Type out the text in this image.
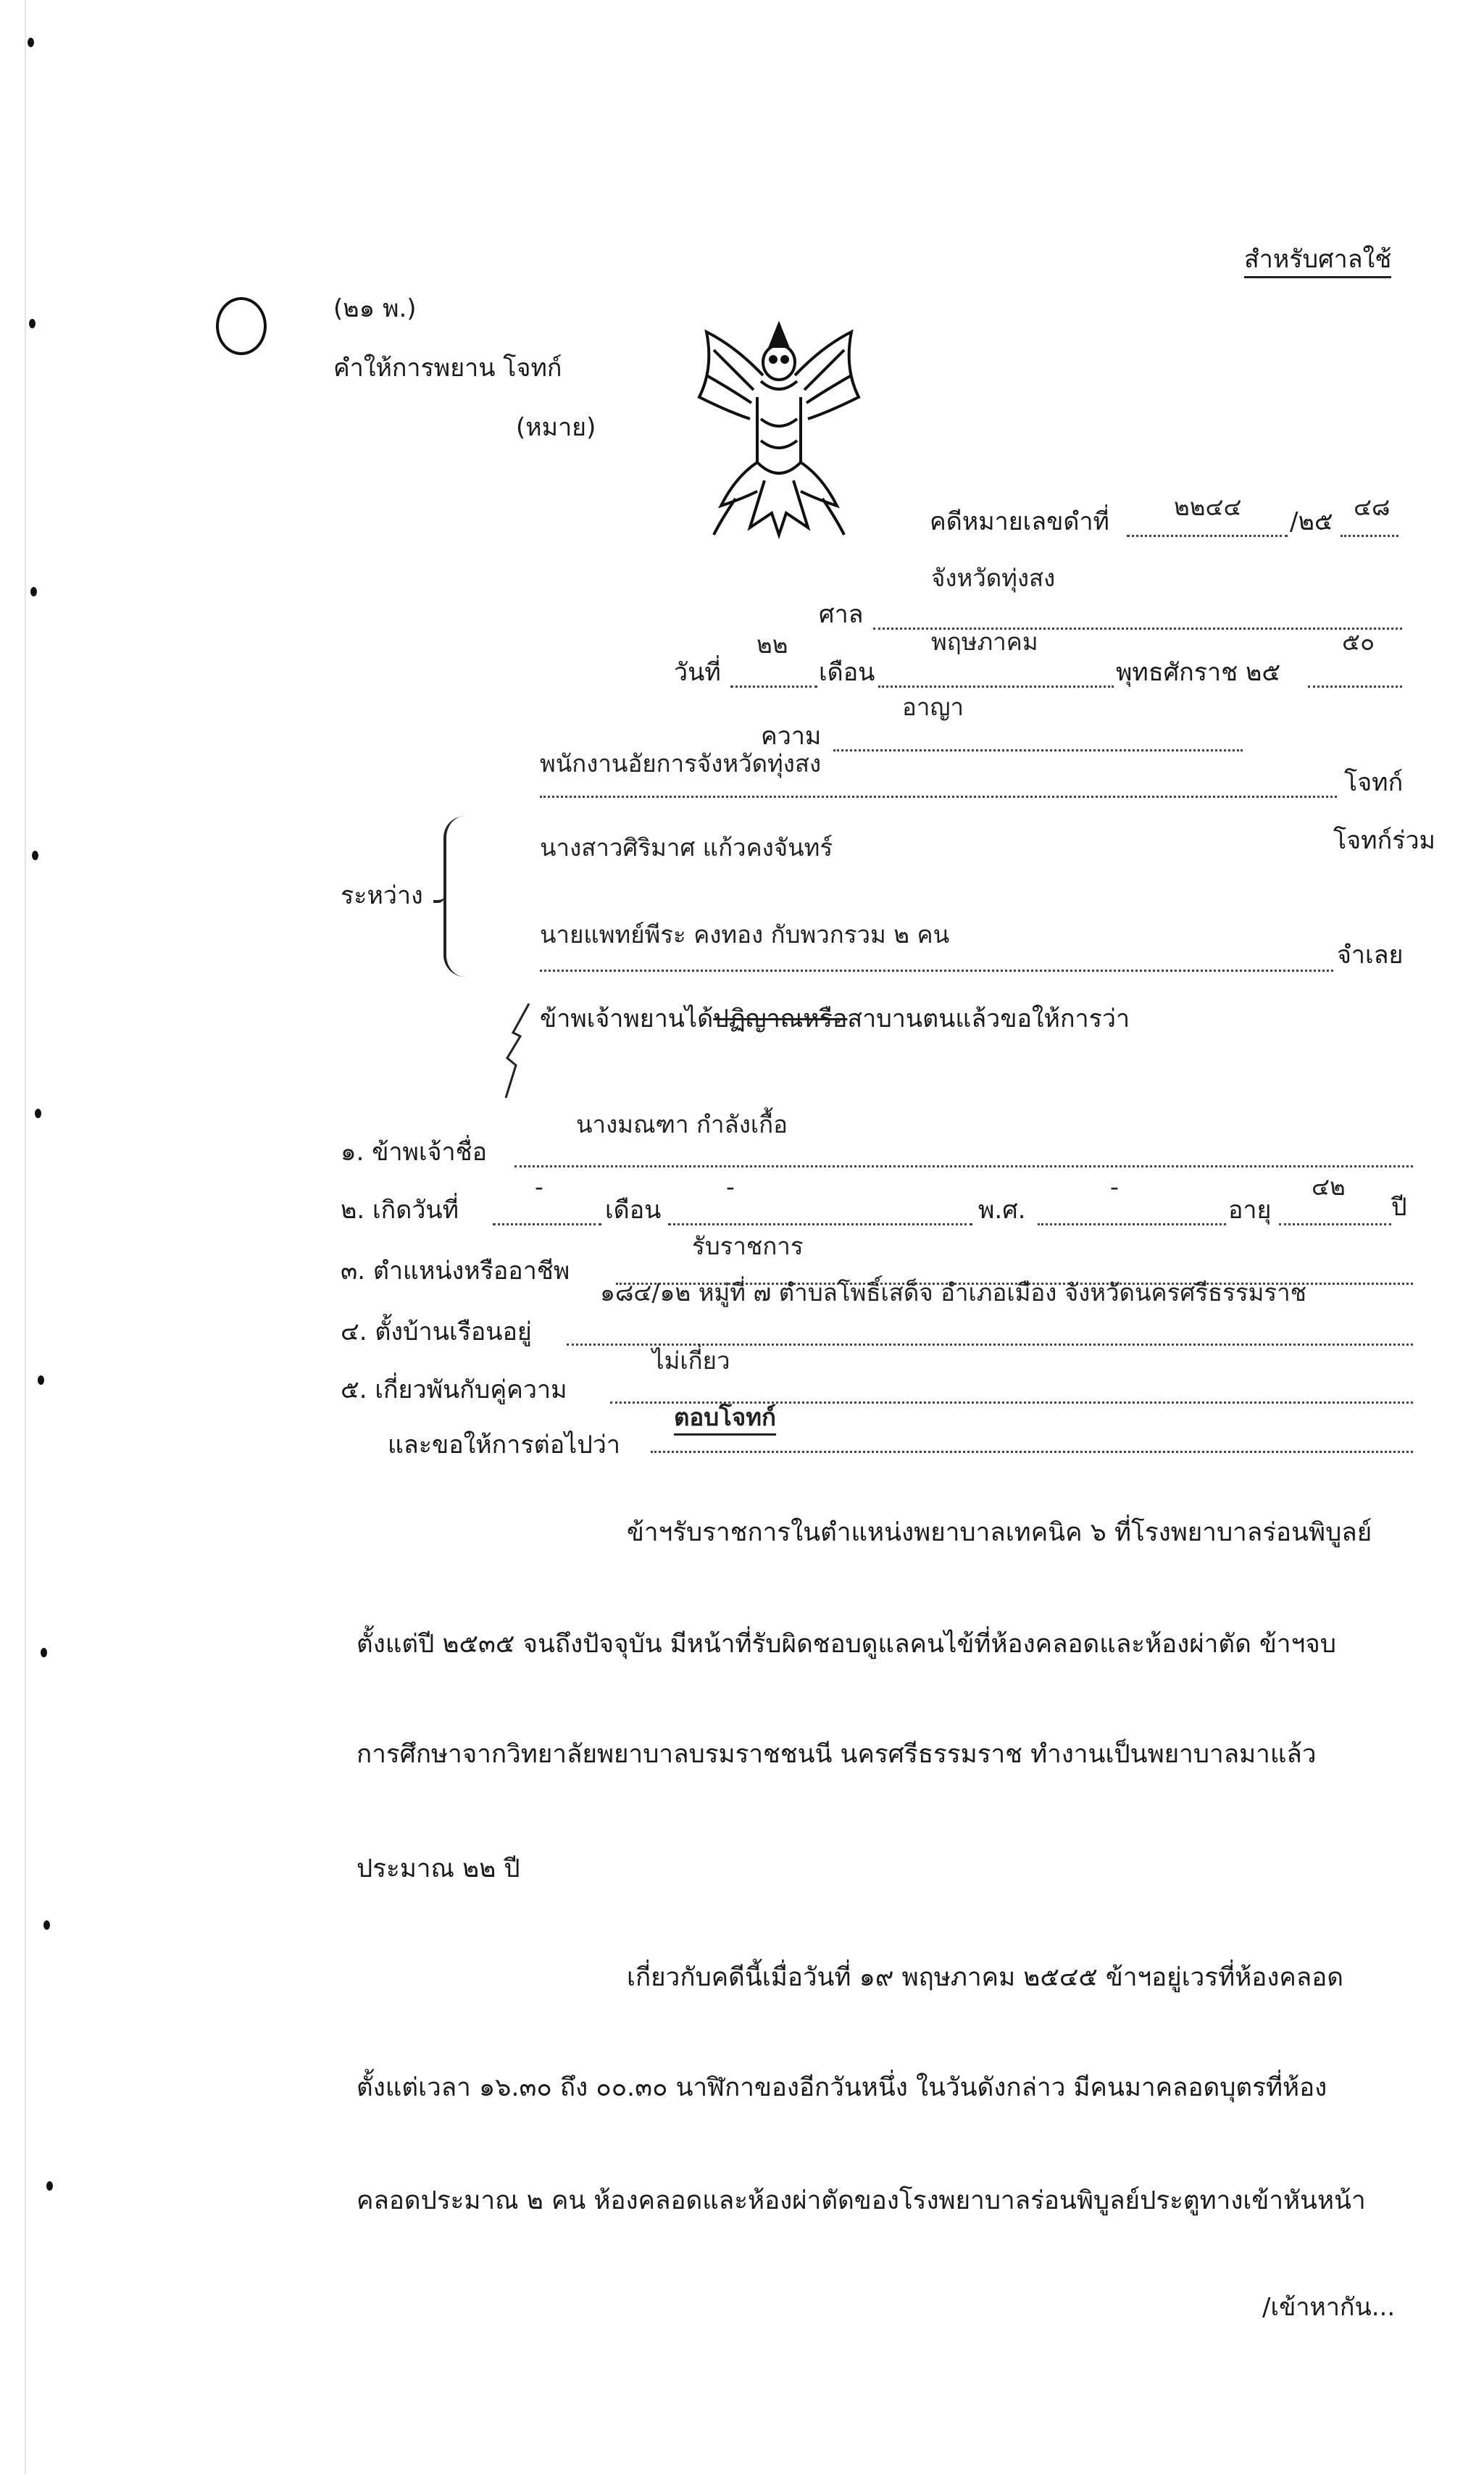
สำหรับศาลใช้
(๒๑ พ.)
คำให้การพยาน โจทก์
(หมาย)
คดีหมายเลขดำที่
๒๒๔๔
/๒๕
๔๘
จังหวัดทุ่งสง
ศาล
วันที่
๒๒
เดือน
พฤษภาคม
พุทธศักราช ๒๕
๕๐
อาญา
ความ
พนักงานอัยการจังหวัดทุ่งสง
โจทก์
ระหว่าง
นางสาวศิริมาศ แก้วคงจันทร์	โจทก์ร่วม
นายแพทย์พีระ คงทอง กับพวกรวม ๒ คน
จำเลย
ข้าพเจ้าพยานได้ปฏิญาณหรือสาบานตนแล้วขอให้การว่า
๑. ข้าพเจ้าชื่อ
นางมณฑา กำลังเกื้อ
๒. เกิดวันที่
-
เดือน
-
พ.ศ.
-
อายุ
๔๒
ปี
๓. ตำแหน่งหรืออาชีพ
รับราชการ
๔. ตั้งบ้านเรือนอยู่
๑๘๔/๑๒ หมู่ที่ ๗ ตำบลโพธิ์เสด็จ อำเภอเมือง จังหวัดนครศรีธรรมราช
๕. เกี่ยวพันกับคู่ความ
ไม่เกี่ยว
และขอให้การต่อไปว่า
ตอบโจทก์
ข้าฯรับราชการในตำแหน่งพยาบาลเทคนิค ๖ ที่โรงพยาบาลร่อนพิบูลย์
ตั้งแต่ปี ๒๕๓๕ จนถึงปัจจุบัน มีหน้าที่รับผิดชอบดูแลคนไข้ที่ห้องคลอดและห้องผ่าตัด ข้าฯจบ
การศึกษาจากวิทยาลัยพยาบาลบรมราชชนนี นครศรีธรรมราช ทำงานเป็นพยาบาลมาแล้ว
ประมาณ ๒๒ ปี
เกี่ยวกับคดีนี้เมื่อวันที่ ๑๙ พฤษภาคม ๒๕๔๕ ข้าฯอยู่เวรที่ห้องคลอด
ตั้งแต่เวลา ๑๖.๓๐ ถึง ๐๐.๓๐ นาฬิกาของอีกวันหนึ่ง ในวันดังกล่าว มีคนมาคลอดบุตรที่ห้อง
คลอดประมาณ ๒ คน ห้องคลอดและห้องผ่าตัดของโรงพยาบาลร่อนพิบูลย์ประตูทางเข้าหันหน้า
/เข้าหากัน...
